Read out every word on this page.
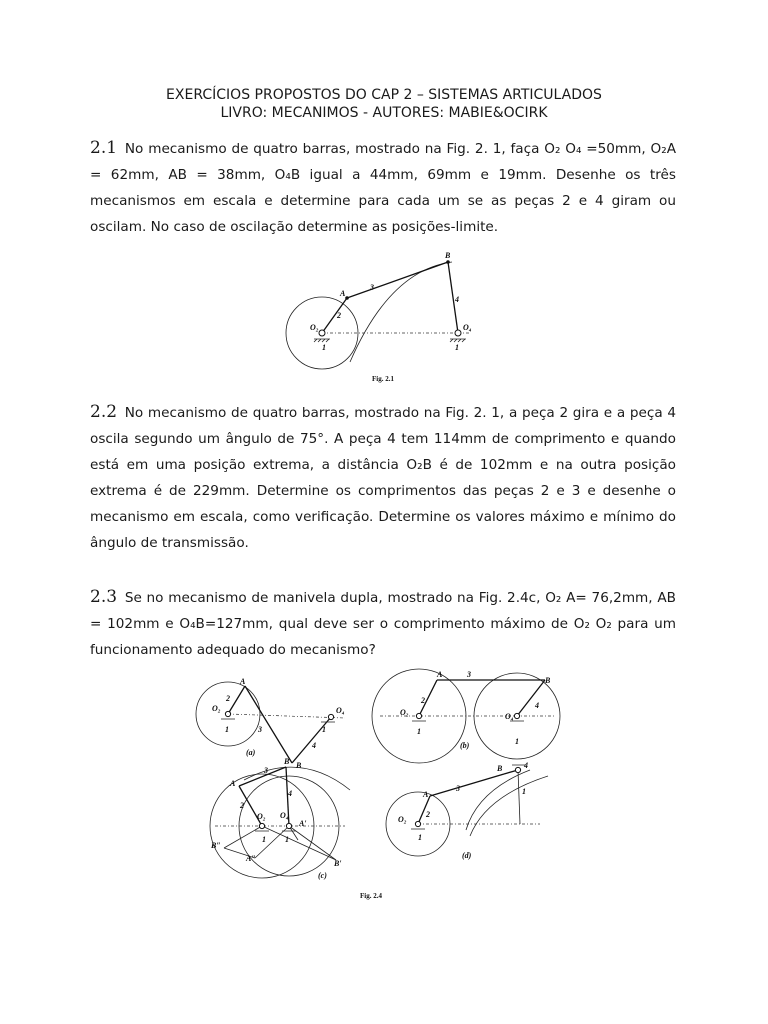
EXERCÍCIOS PROPOSTOS DO CAP 2 – SISTEMAS ARTICULADOS
LIVRO: MECANIMOS - AUTORES: MABIE&OCIRK
2.1 No mecanismo de quatro barras, mostrado na Fig. 2. 1, faça O₂ O₄ =50mm, O₂A = 62mm, AB = 38mm, O₄B igual a 44mm, 69mm e 19mm. Desenhe os três mecanismos em escala e determine para cada um se as peças 2 e 4 giram ou oscilam. No caso de oscilação determine as posições-limite.
A
B
O₂	O₄
1	1
2
3
4
Fig. 2.1
2.2 No mecanismo de quatro barras, mostrado na Fig. 2. 1, a peça 2 gira e a peça 4 oscila segundo um ângulo de 75°. A peça 4 tem 114mm de comprimento e quando está em uma posição extrema, a distância O₂B é de 102mm e na outra posição extrema é de 229mm. Determine os comprimentos das peças 2 e 3 e desenhe o mecanismo em escala, como verificação. Determine os valores máximo e mínimo do ângulo de transmissão.
2.3 Se no mecanismo de manivela dupla, mostrado na Fig. 2.4c, O₂ A= 76,2mm, AB = 102mm e O₄B=127mm, qual deve ser o comprimento máximo de O₂ O₂ para um funcionamento adequado do mecanismo?
A
B
O₂	O₄
1	1
2
3
4
(a)
A
B
O₂	O₄
1
1
2
3
4
(b)
A
B
A′
B′
A″
B″
O₂ O₄
1 1
2
3
4
(c)
A
B
O₂
1
2
3
4
1
(d)
Fig. 2.4
